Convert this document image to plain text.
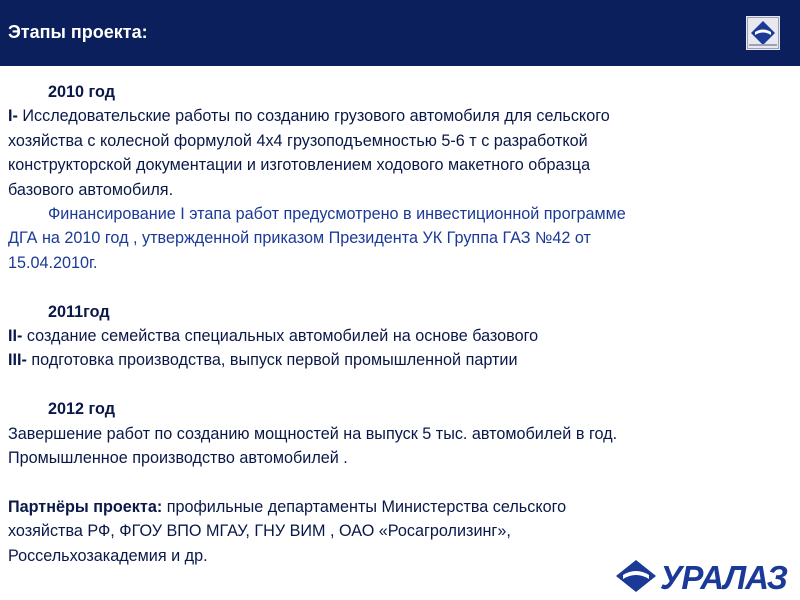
Этапы проекта:
2010 год
I- Исследовательские работы по созданию грузового автомобиля для сельского
хозяйства с колесной формулой 4х4 грузоподъемностью 5-6 т с разработкой
конструкторской документации и изготовлением ходового макетного образца
базового автомобиля.
Финансирование I этапа работ предусмотрено в инвестиционной программе
ДГА на 2010 год , утвержденной приказом Президента УК Группа ГАЗ №42 от
15.04.2010г.
2011год
II- создание семейства специальных автомобилей на основе базового
III- подготовка производства, выпуск первой промышленной партии
2012 год
Завершение работ по созданию мощностей на выпуск 5 тыс. автомобилей в год.
Промышленное производство автомобилей .
Партнёры проекта: профильные департаменты Министерства сельского
хозяйства РФ, ФГОУ ВПО МГАУ, ГНУ ВИМ , ОАО «Росагролизинг»,
Россельхозакадемия и др.
УРАЛАЗ
